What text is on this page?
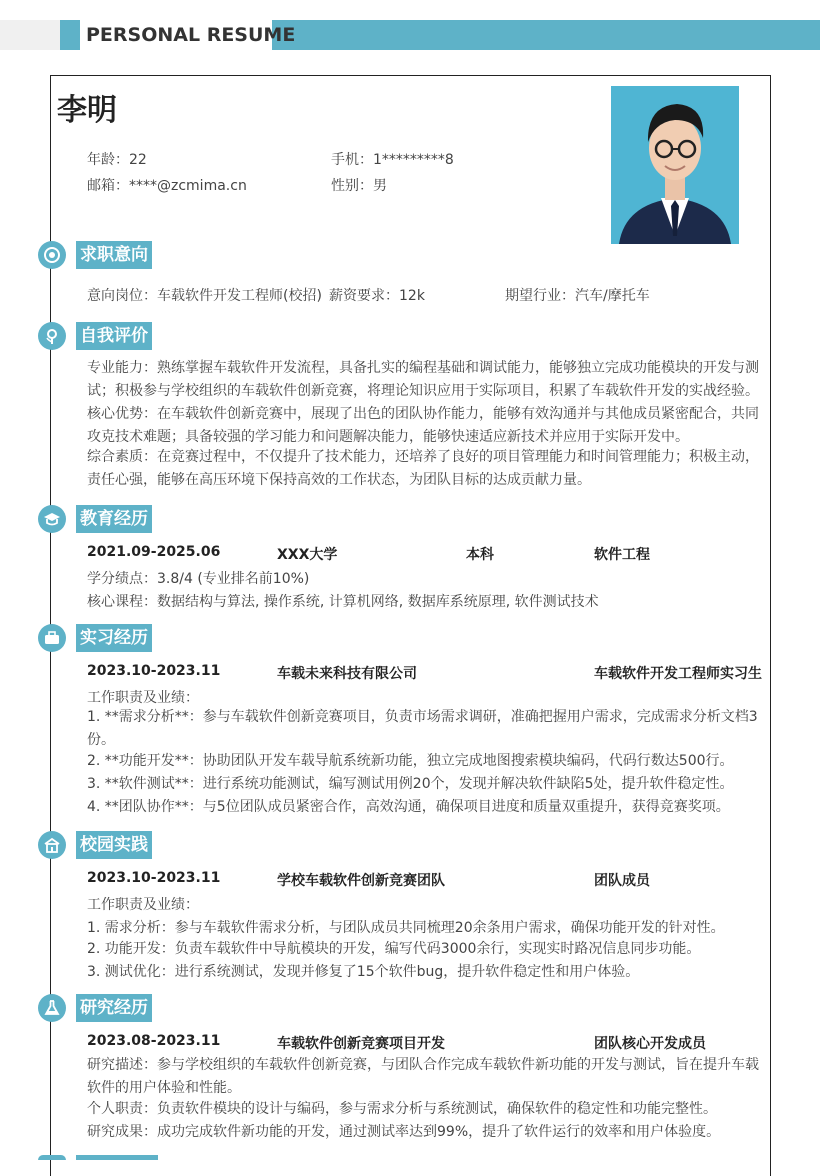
PERSONAL RESUME
李明
年龄：22	手机：1*********8
邮箱：****@zcmima.cn	性别：男
求职意向
意向岗位：车载软件开发工程师(校招) 薪资要求：12k	期望行业：汽车/摩托车
自我评价
专业能力：熟练掌握车载软件开发流程，具备扎实的编程基础和调试能力，能够独立完成功能模块的开发与测试；积极参与学校组织的车载软件创新竞赛，将理论知识应用于实际项目，积累了车载软件开发的实战经验。
核心优势：在车载软件创新竞赛中，展现了出色的团队协作能力，能够有效沟通并与其他成员紧密配合，共同攻克技术难题；具备较强的学习能力和问题解决能力，能够快速适应新技术并应用于实际开发中。
综合素质：在竞赛过程中，不仅提升了技术能力，还培养了良好的项目管理能力和时间管理能力；积极主动，责任心强，能够在高压环境下保持高效的工作状态，为团队目标的达成贡献力量。
教育经历
2021.09-2025.06	XXX大学	本科	软件工程
学分绩点：3.8/4 (专业排名前10%)
核心课程：数据结构与算法, 操作系统, 计算机网络, 数据库系统原理, 软件测试技术
实习经历
2023.10-2023.11	车载未来科技有限公司	车载软件开发工程师实习生
工作职责及业绩：
1. **需求分析**：参与车载软件创新竞赛项目，负责市场需求调研，准确把握用户需求，完成需求分析文档3份。
2. **功能开发**：协助团队开发车载导航系统新功能，独立完成地图搜索模块编码，代码行数达500行。
3. **软件测试**：进行系统功能测试，编写测试用例20个，发现并解决软件缺陷5处，提升软件稳定性。
4. **团队协作**：与5位团队成员紧密合作，高效沟通，确保项目进度和质量双重提升，获得竞赛奖项。
校园实践
2023.10-2023.11	学校车载软件创新竞赛团队	团队成员
工作职责及业绩：
1. 需求分析：参与车载软件需求分析，与团队成员共同梳理20余条用户需求，确保功能开发的针对性。
2. 功能开发：负责车载软件中导航模块的开发，编写代码3000余行，实现实时路况信息同步功能。
3. 测试优化：进行系统测试，发现并修复了15个软件bug，提升软件稳定性和用户体验。
研究经历
2023.08-2023.11	车载软件创新竞赛项目开发	团队核心开发成员
研究描述：参与学校组织的车载软件创新竞赛，与团队合作完成车载软件新功能的开发与测试，旨在提升车载软件的用户体验和性能。
个人职责：负责软件模块的设计与编码，参与需求分析与系统测试，确保软件的稳定性和功能完整性。
研究成果：成功完成软件新功能的开发，通过测试率达到99%，提升了软件运行的效率和用户体验度。
